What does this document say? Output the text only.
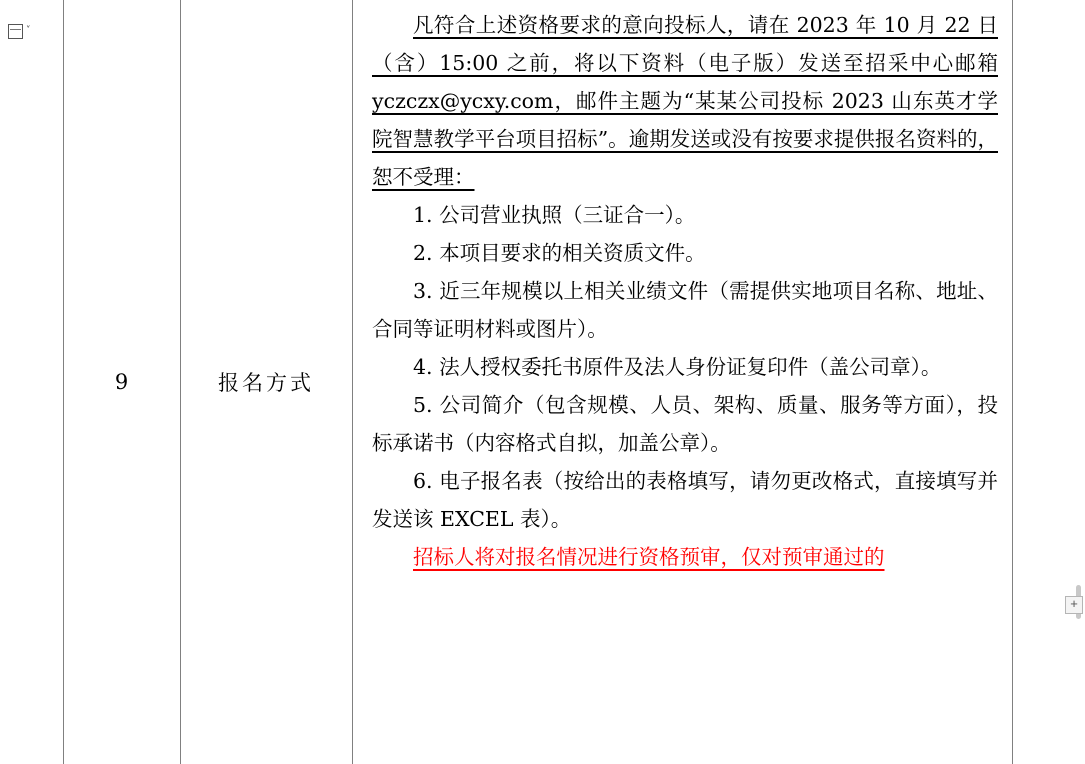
˅
9	报名方式

凡符合上述资格要求的意向投标人，请在 2023 年 10 月 22 日（含）15:00 之前，将以下资料（电子版）发送至招采中心邮箱 yczczx@ycxy.com，邮件主题为“某某公司投标 2023 山东英才学院智慧教学平台项目招标”。逾期发送或没有按要求提供报名资料的，恕不受理：

1. 公司营业执照（三证合一）。

2. 本项目要求的相关资质文件。

3. 近三年规模以上相关业绩文件（需提供实地项目名称、地址、合同等证明材料或图片）。

4. 法人授权委托书原件及法人身份证复印件（盖公司章）。

5. 公司简介（包含规模、人员、架构、质量、服务等方面），投标承诺书（内容格式自拟，加盖公章）。

6. 电子报名表（按给出的表格填写，请勿更改格式，直接填写并发送该 EXCEL 表）。

招标人将对报名情况进行资格预审，仅对预审通过的

+
